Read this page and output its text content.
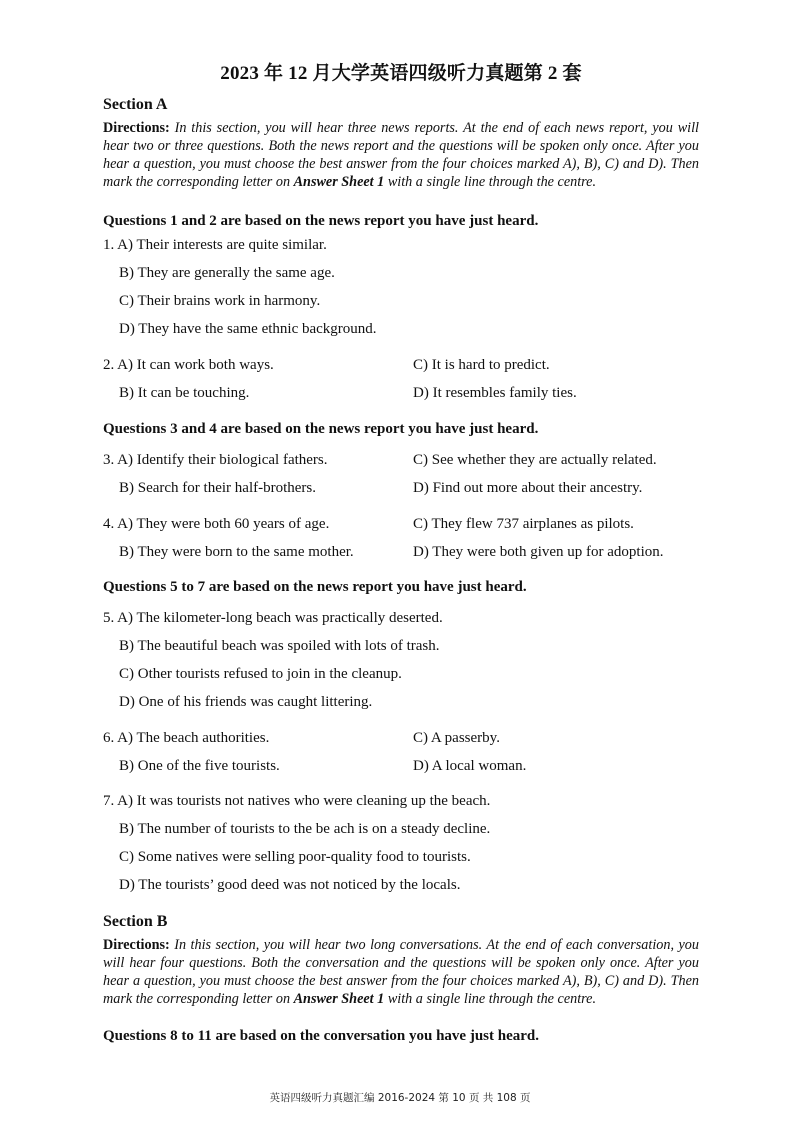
2023 年 12 月大学英语四级听力真题第 2 套
Section A
Directions: In this section, you will hear three news reports. At the end of each news report, you will hear two or three questions. Both the news report and the questions will be spoken only once. After you hear a question, you must choose the best answer from the four choices marked A), B), C) and D). Then mark the corresponding letter on Answer Sheet 1 with a single line through the centre.
Questions 1 and 2 are based on the news report you have just heard.
1. A) Their interests are quite similar.
B) They are generally the same age.
C) Their brains work in harmony.
D) They have the same ethnic background.
2. A) It can work both ways.	C) It is hard to predict.
B) It can be touching.	D) It resembles family ties.
Questions 3 and 4 are based on the news report you have just heard.
3. A) Identify their biological fathers.	C) See whether they are actually related.
B) Search for their half-brothers.	D) Find out more about their ancestry.
4. A) They were both 60 years of age.	C) They flew 737 airplanes as pilots.
B) They were born to the same mother.	D) They were both given up for adoption.
Questions 5 to 7 are based on the news report you have just heard.
5. A) The kilometer-long beach was practically deserted.
B) The beautiful beach was spoiled with lots of trash.
C) Other tourists refused to join in the cleanup.
D) One of his friends was caught littering.
6. A) The beach authorities.	C) A passerby.
B) One of the five tourists.	D) A local woman.
7. A) It was tourists not natives who were cleaning up the beach.
B) The number of tourists to the be ach is on a steady decline.
C) Some natives were selling poor-quality food to tourists.
D) The tourists’ good deed was not noticed by the locals.
Section B
Directions: In this section, you will hear two long conversations. At the end of each conversation, you will hear four questions. Both the conversation and the questions will be spoken only once. After you hear a question, you must choose the best answer from the four choices marked A), B), C) and D). Then mark the corresponding letter on Answer Sheet 1 with a single line through the centre.
Questions 8 to 11 are based on the conversation you have just heard.
英语四级听力真题汇编 2016-2024 第 10 页 共 108 页
